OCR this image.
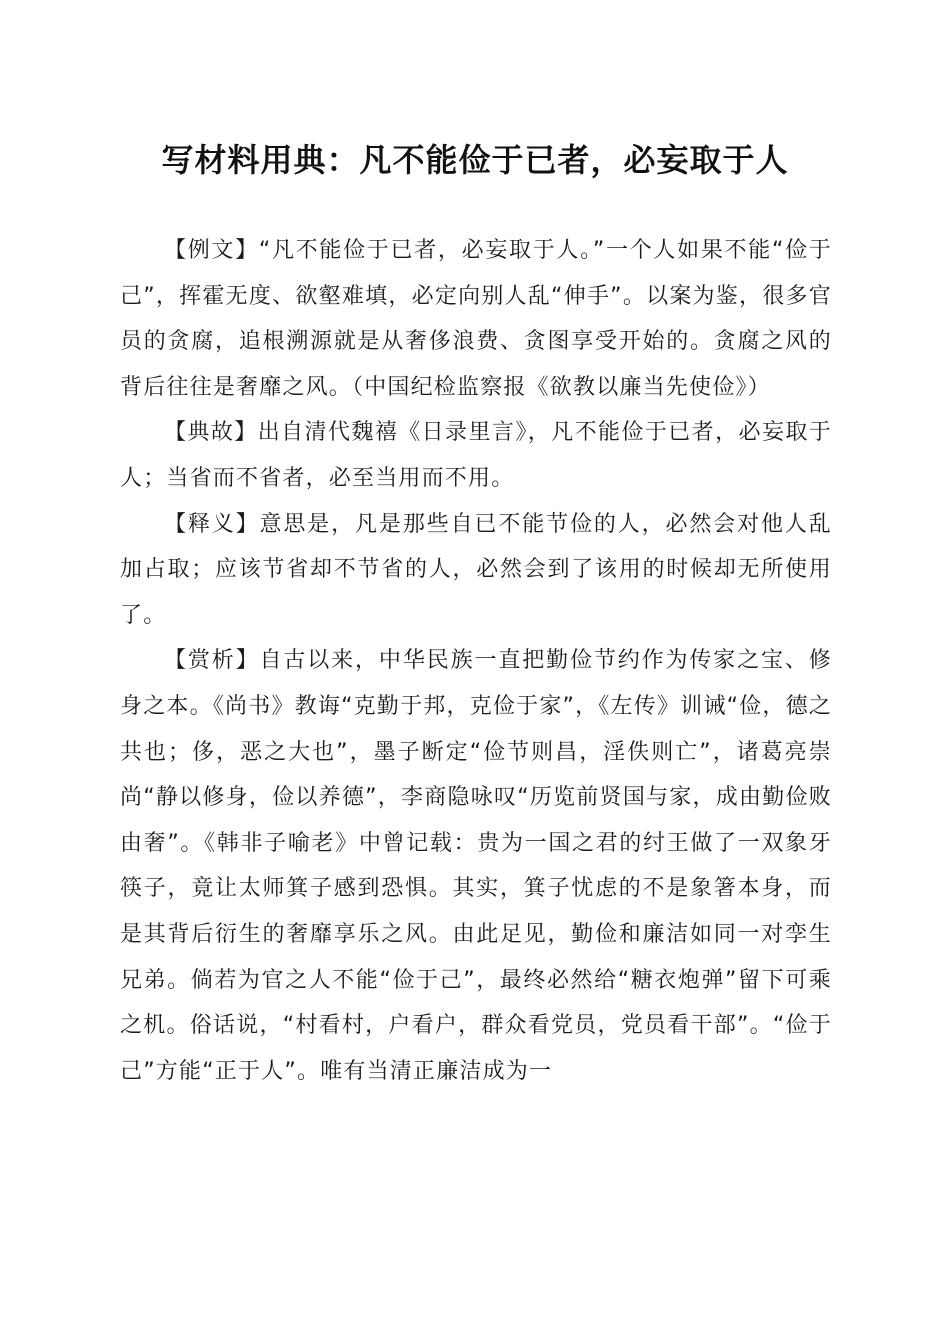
写材料用典：凡不能俭于已者，必妄取于人

【例文】“凡不能俭于已者，必妄取于人。”一个人如果不能“俭于己”，挥霍无度、欲壑难填，必定向别人乱“伸手”。以案为鉴，很多官员的贪腐，追根溯源就是从奢侈浪费、贪图享受开始的。贪腐之风的背后往往是奢靡之风。（中国纪检监察报《欲教以廉当先使俭》）

【典故】出自清代魏禧《日录里言》，凡不能俭于已者，必妄取于人；当省而不省者，必至当用而不用。

【释义】意思是，凡是那些自已不能节俭的人，必然会对他人乱加占取；应该节省却不节省的人，必然会到了该用的时候却无所使用了。

【赏析】自古以来，中华民族一直把勤俭节约作为传家之宝、修身之本。《尚书》教诲“克勤于邦，克俭于家”，《左传》训诫“俭，德之共也；侈，恶之大也”，墨子断定“俭节则昌，淫佚则亡”，诸葛亮崇尚“静以修身，俭以养德”，李商隐咏叹“历览前贤国与家，成由勤俭败由奢”。《韩非子喻老》中曾记载：贵为一国之君的纣王做了一双象牙筷子，竟让太师箕子感到恐惧。其实，箕子忧虑的不是象箸本身，而是其背后衍生的奢靡享乐之风。由此足见，勤俭和廉洁如同一对孪生兄弟。倘若为官之人不能“俭于己”，最终必然给“糖衣炮弹”留下可乘之机。俗话说，“村看村，户看户，群众看党员，党员看干部”。“俭于己”方能“正于人”。唯有当清正廉洁成为一
